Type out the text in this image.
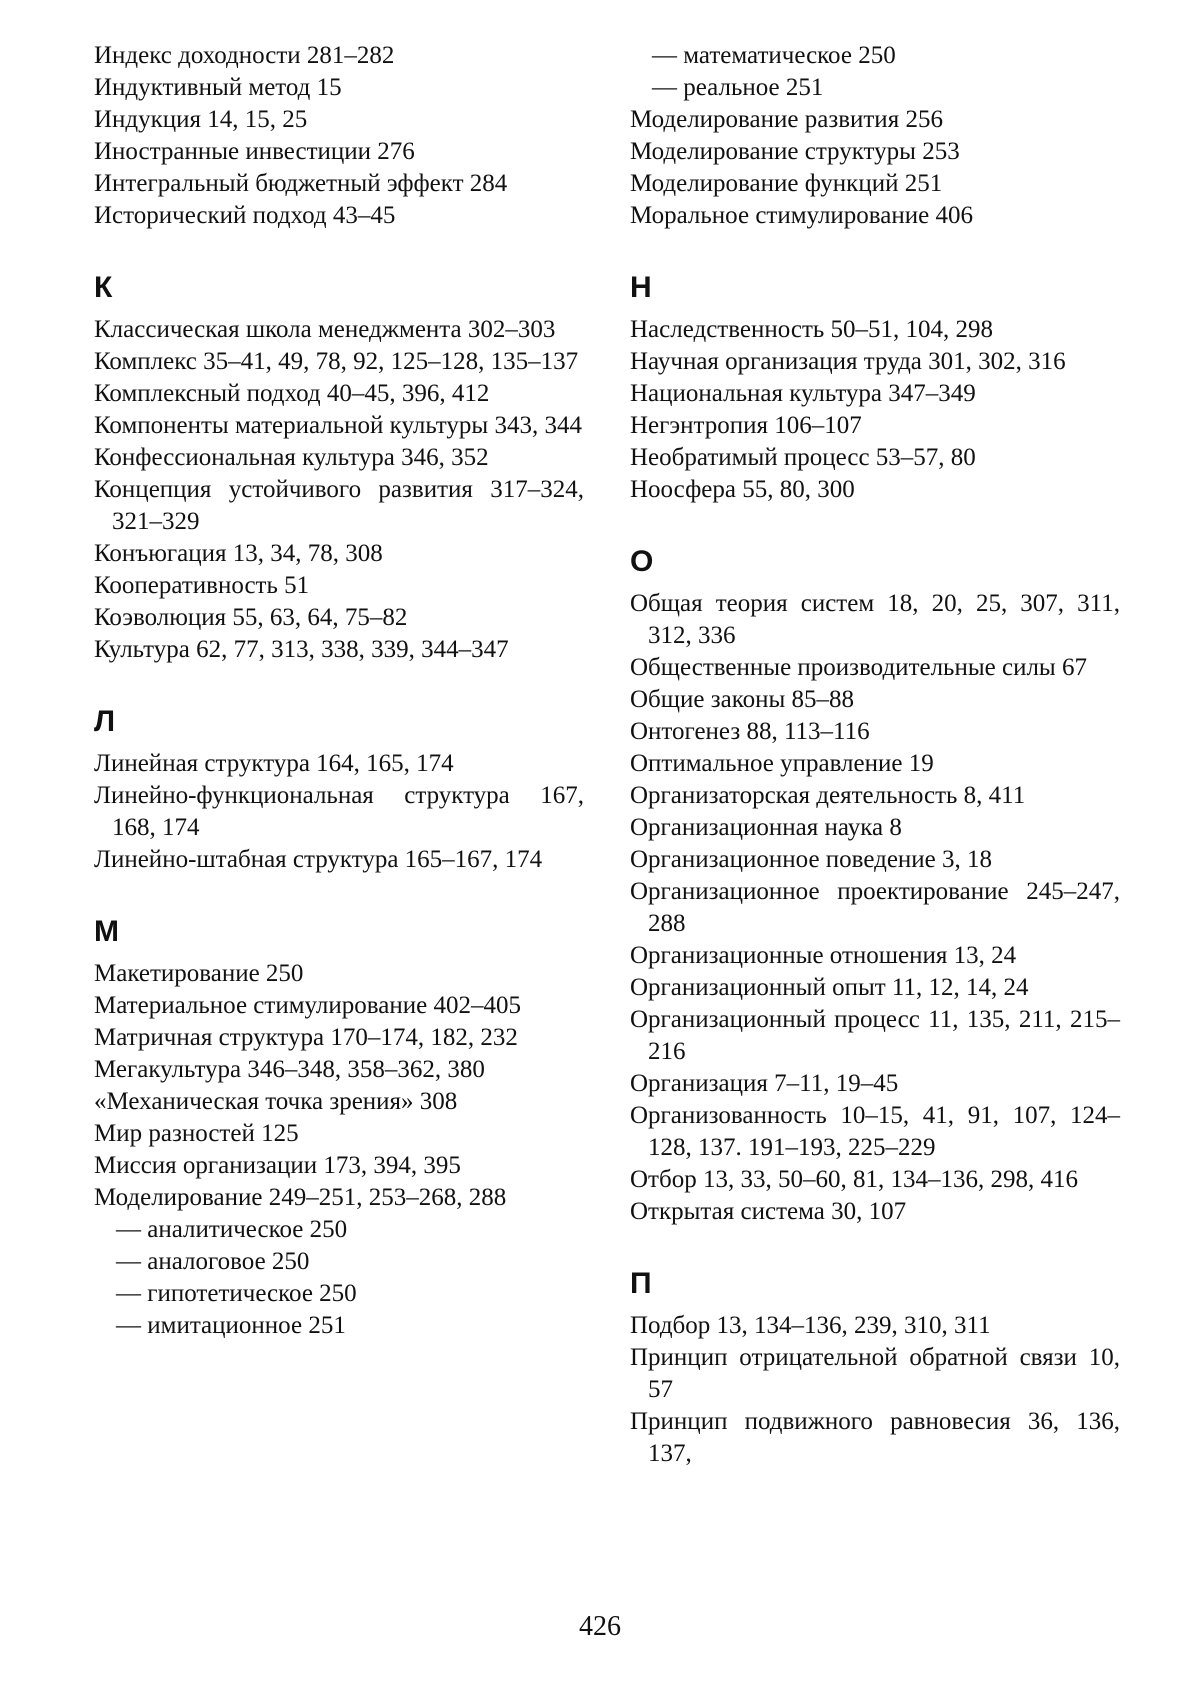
Индекс доходности 281–282
Индуктивный метод 15
Индукция 14, 15, 25
Иностранные инвестиции 276
Интегральный бюджетный эффект 284
Исторический подход 43–45
К
Классическая школа менеджмента 302–303
Комплекс 35–41, 49, 78, 92, 125–128, 135–137
Комплексный подход 40–45, 396, 412
Компоненты материальной культуры 343, 344
Конфессиональная культура 346, 352
Концепция устойчивого развития 317–324, 321–329
Конъюгация 13, 34, 78, 308
Кооперативность 51
Коэволюция 55, 63, 64, 75–82
Культура 62, 77, 313, 338, 339, 344–347
Л
Линейная структура 164, 165, 174
Линейно-функциональная структура 167, 168, 174
Линейно-штабная структура 165–167, 174
М
Макетирование 250
Материальное стимулирование 402–405
Матричная структура 170–174, 182, 232
Мегакультура 346–348, 358–362, 380
«Механическая точка зрения» 308
Мир разностей 125
Миссия организации 173, 394, 395
Моделирование 249–251, 253–268, 288
— аналитическое 250
— аналоговое 250
— гипотетическое 250
— имитационное 251
— математическое 250
— реальное 251
Моделирование развития 256
Моделирование структуры 253
Моделирование функций 251
Моральное стимулирование 406
Н
Наследственность 50–51, 104, 298
Научная организация труда 301, 302, 316
Национальная культура 347–349
Негэнтропия 106–107
Необратимый процесс 53–57, 80
Ноосфера 55, 80, 300
О
Общая теория систем 18, 20, 25, 307, 311, 312, 336
Общественные производительные силы 67
Общие законы 85–88
Онтогенез 88, 113–116
Оптимальное управление 19
Организаторская деятельность 8, 411
Организационная наука 8
Организационное поведение 3, 18
Организационное проектирование 245–247, 288
Организационные отношения 13, 24
Организационный опыт 11, 12, 14, 24
Организационный процесс 11, 135, 211, 215–216
Организация 7–11, 19–45
Организованность 10–15, 41, 91, 107, 124–128, 137. 191–193, 225–229
Отбор 13, 33, 50–60, 81, 134–136, 298, 416
Открытая система 30, 107
П
Подбор 13, 134–136, 239, 310, 311
Принцип отрицательной обратной связи 10, 57
Принцип подвижного равновесия 36, 136, 137,
426
